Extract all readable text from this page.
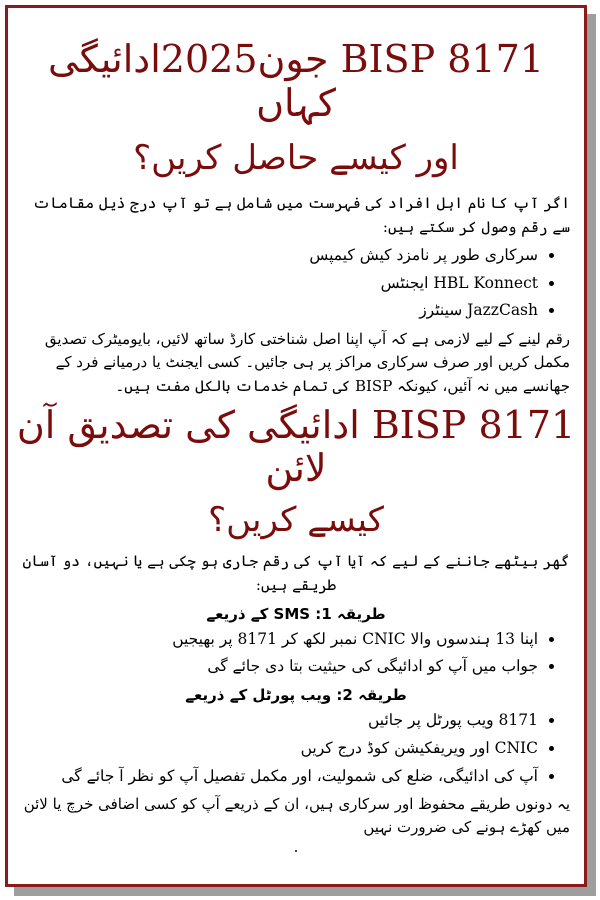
BISP 8171 جون2025ادائیگی کہاں
اور کیسے حاصل کریں؟

اگر آپ کا نام اہل افراد کی فہرست میں شامل ہے تو آپ درج ذیل مقامات سے رقم وصول کر سکتے ہیں:

• سرکاری طور پر نامزد کیش کیمپس
• HBL Konnect ایجنٹس
• JazzCash سینٹرز

رقم لینے کے لیے لازمی ہے کہ آپ اپنا اصل شناختی کارڈ ساتھ لائیں، بایومیٹرک تصدیق مکمل کریں اور صرف سرکاری مراکز پر ہی جائیں۔ کسی ایجنٹ یا درمیانے فرد کے جھانسے میں نہ آئیں، کیونکہ BISP کی تمام خدمات بالکل مفت ہیں۔

BISP 8171 ادائیگی کی تصدیق آن لائن
کیسے کریں؟

گھر بیٹھے جاننے کے لیے کہ آیا آپ کی رقم جاری ہو چکی ہے یا نہیں، دو آسان طریقے ہیں:

طریقہ 1: SMS کے ذریعے
• اپنا 13 ہندسوں والا CNIC نمبر لکھ کر 8171 پر بھیجیں
• جواب میں آپ کو ادائیگی کی حیثیت بتا دی جائے گی
طریقہ 2: ویب پورٹل کے ذریعے
• 8171 ویب پورٹل پر جائیں
• CNIC اور ویریفکیشن کوڈ درج کریں
• آپ کی ادائیگی، ضلع کی شمولیت، اور مکمل تفصیل آپ کو نظر آ جائے گی

یہ دونوں طریقے محفوظ اور سرکاری ہیں، ان کے ذریعے آپ کو کسی اضافی خرچ یا لائن میں کھڑے ہونے کی ضرورت نہیں

.
